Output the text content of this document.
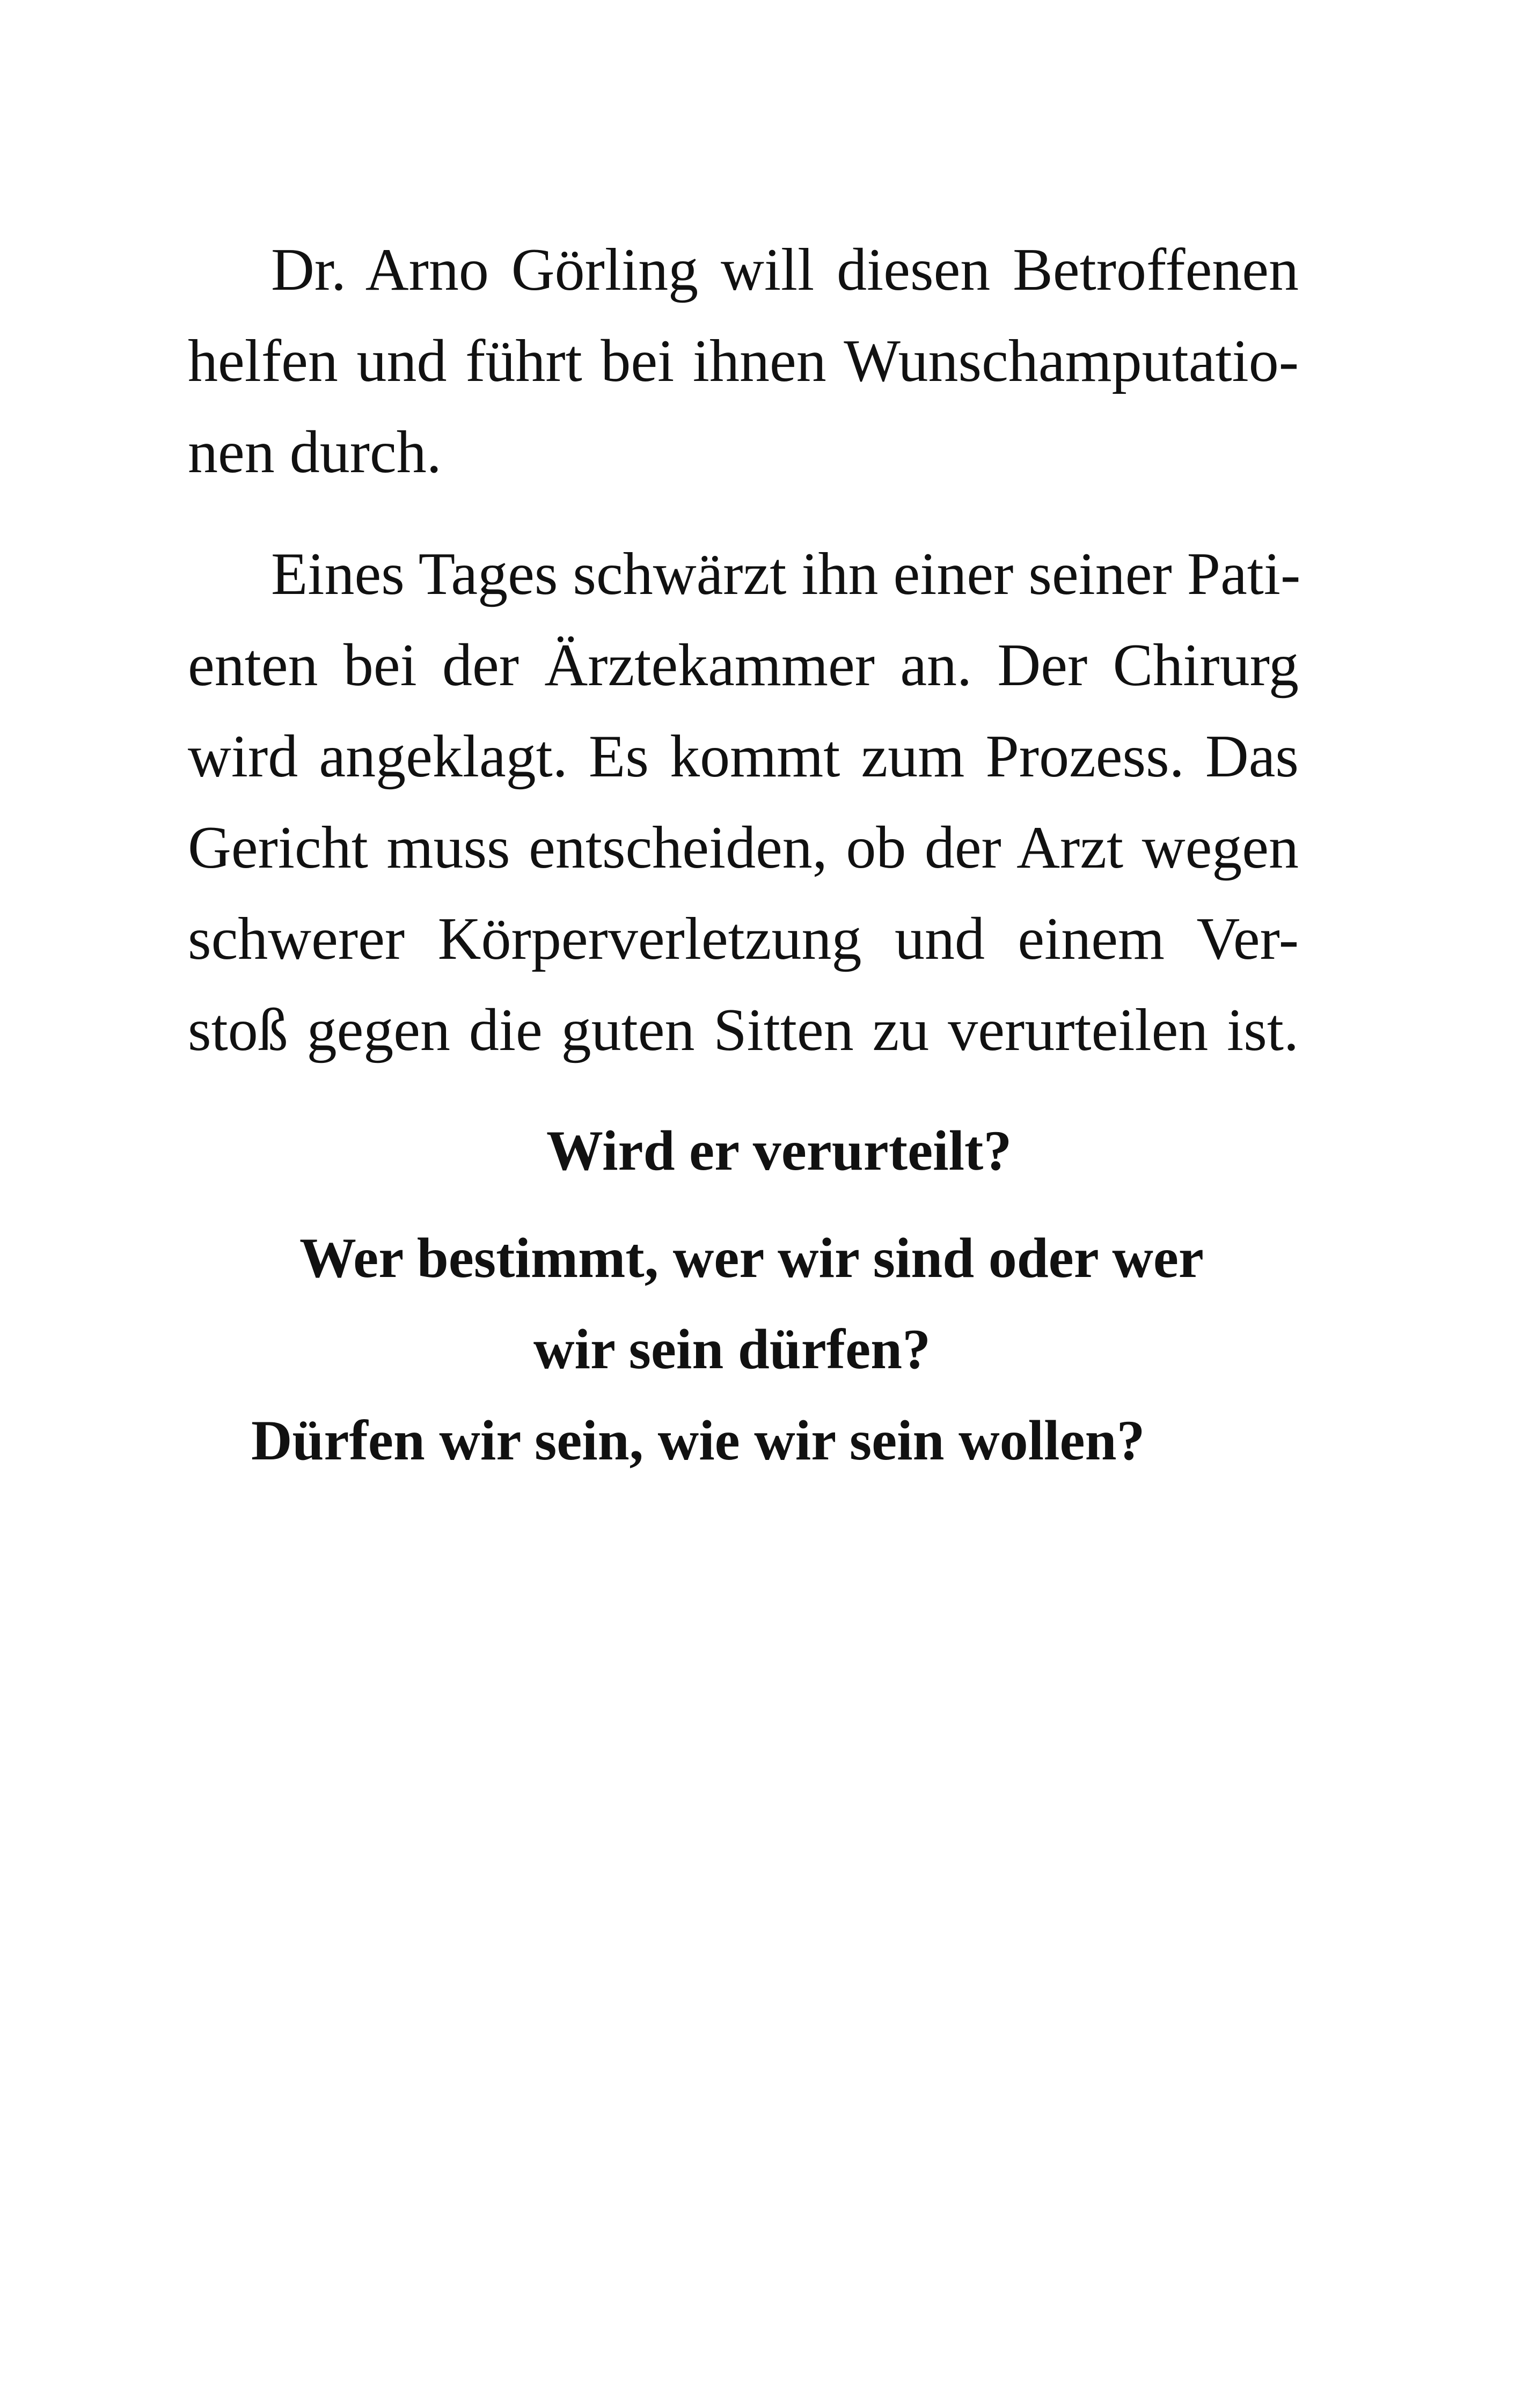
Dr. Arno Görling will diesen Betroffenen
helfen und führt bei ihnen Wunschamputatio-
nen durch.
Eines Tages schwärzt ihn einer seiner Pati-
enten bei der Ärztekammer an. Der Chirurg
wird angeklagt. Es kommt zum Prozess. Das
Gericht muss entscheiden, ob der Arzt wegen
schwerer Körperverletzung und einem Ver-
stoß gegen die guten Sitten zu verurteilen ist.
Wird er verurteilt?
Wer bestimmt, wer wir sind oder wer
wir sein dürfen?
Dürfen wir sein, wie wir sein wollen?
